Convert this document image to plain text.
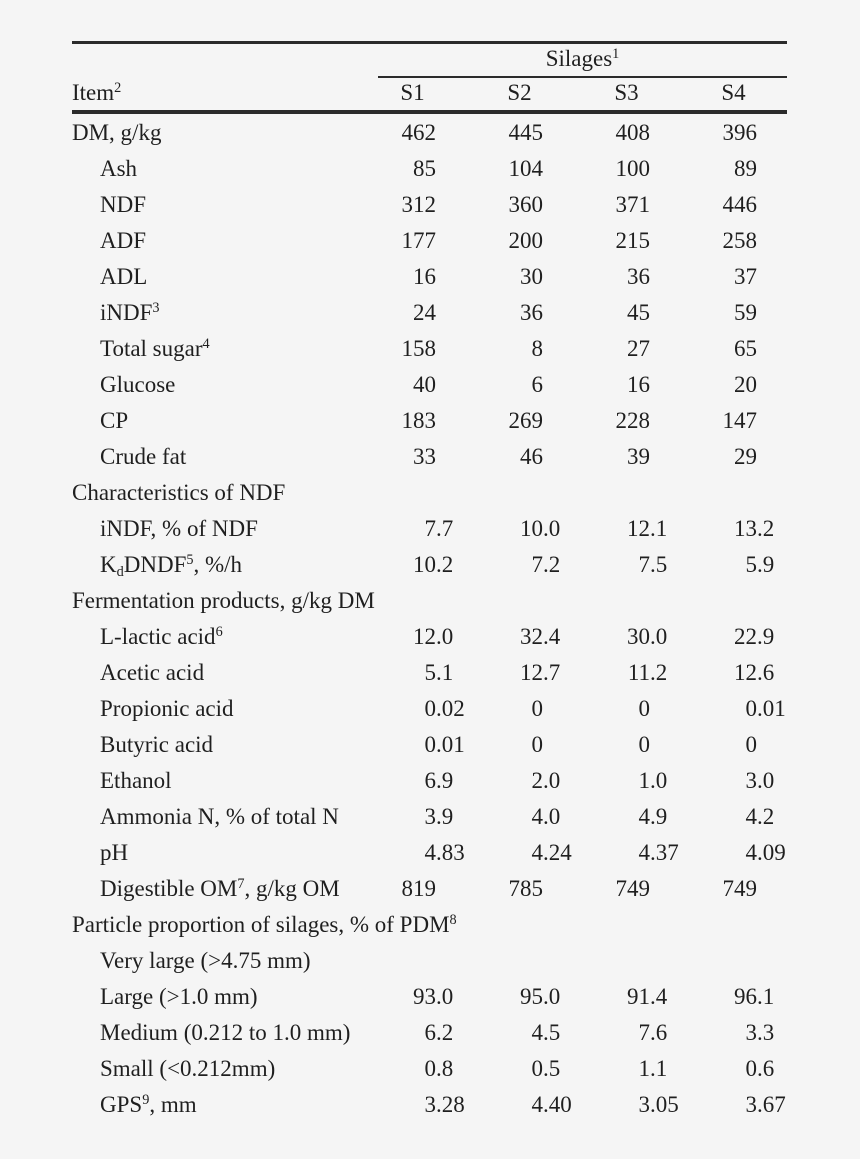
Silages$^1$
Item$^2$	S1	S2	S3	S4
DM, g/kg	462	445	408	396
Ash	85	104	100	89
NDF	312	360	371	446
ADF	177	200	215	258
ADL	16	30	36	37
iNDF$^3$	24	36	45	59
Total sugar$^4$	158	8	27	65
Glucose	40	6	16	20
CP	183	269	228	147
Crude fat	33	46	39	29
Characteristics of NDF
iNDF, % of NDF	7 .7	10 .0	12 .1	13 .2
KdDNDF$^5$, %/h	10 .2	7 .2	7 .5	5 .9
Fermentation products, g/kg DM
L-lactic acid$^6$	12 .0	32 .4	30 .0	22 .9
Acetic acid	5 .1	12 .7	11 .2	12 .6
Propionic acid	0 .02	0	0	0 .01
Butyric acid	0 .01	0	0	0
Ethanol	6 .9	2 .0	1 .0	3 .0
Ammonia N, % of total N	3 .9	4 .0	4 .9	4 .2
pH	4 .83	4 .24	4 .37	4 .09
Digestible $OM^7$, g/kg OM	819	785	749	749
Particle proportion of silages, % of PDM$^8$
Very large (>4.75 mm)
Large (>1.0 mm)	93 .0	95 .0	91 .4	96 .1
Medium (0.212 to 1.0 mm)	6 .2	4 .5	7 .6	3 .3
Small (<0.212mm)	0 .8	0 .5	1 .1	0 .6
GPS$^9$, mm	3 .28	4 .40	3 .05	3 .67
